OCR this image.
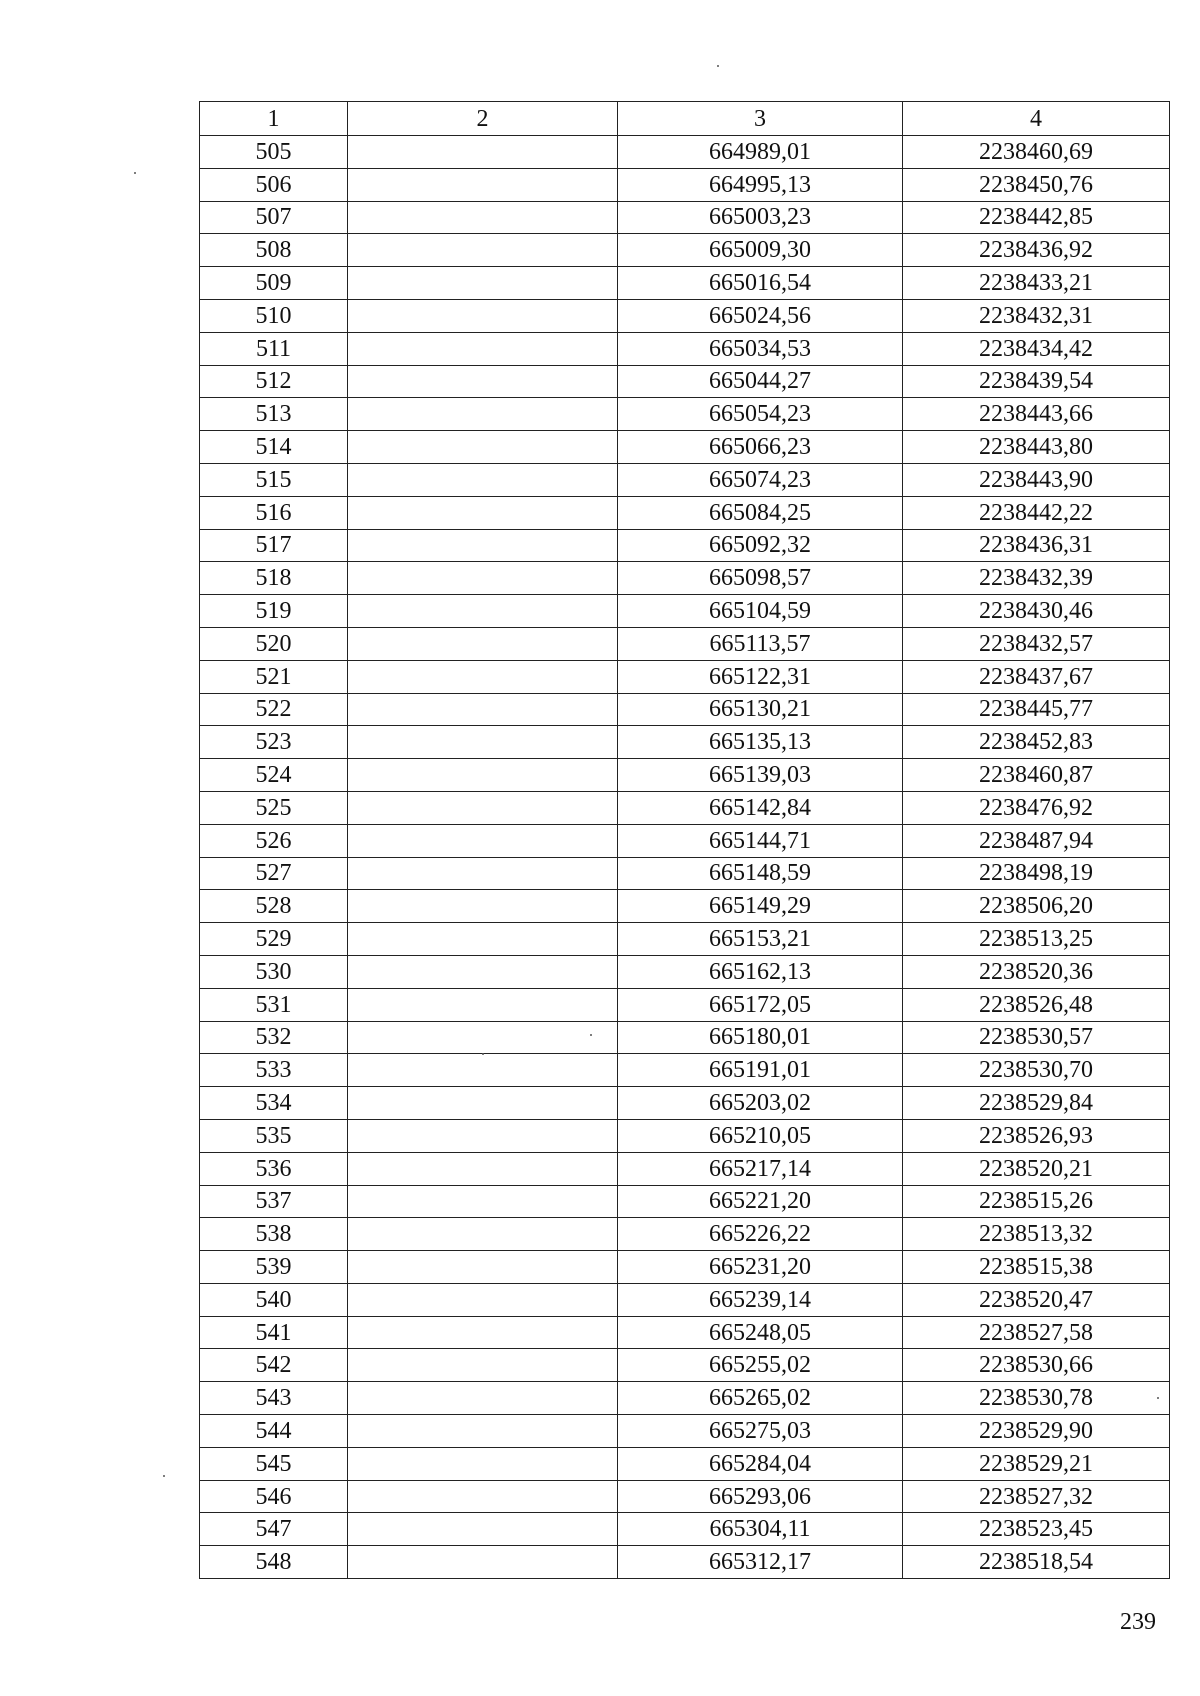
1	2	3	4
505		664989,01	2238460,69
506		664995,13	2238450,76
507		665003,23	2238442,85
508		665009,30	2238436,92
509		665016,54	2238433,21
510		665024,56	2238432,31
511		665034,53	2238434,42
512		665044,27	2238439,54
513		665054,23	2238443,66
514		665066,23	2238443,80
515		665074,23	2238443,90
516		665084,25	2238442,22
517		665092,32	2238436,31
518		665098,57	2238432,39
519		665104,59	2238430,46
520		665113,57	2238432,57
521		665122,31	2238437,67
522		665130,21	2238445,77
523		665135,13	2238452,83
524		665139,03	2238460,87
525		665142,84	2238476,92
526		665144,71	2238487,94
527		665148,59	2238498,19
528		665149,29	2238506,20
529		665153,21	2238513,25
530		665162,13	2238520,36
531		665172,05	2238526,48
532		665180,01	2238530,57
533		665191,01	2238530,70
534		665203,02	2238529,84
535		665210,05	2238526,93
536		665217,14	2238520,21
537		665221,20	2238515,26
538		665226,22	2238513,32
539		665231,20	2238515,38
540		665239,14	2238520,47
541		665248,05	2238527,58
542		665255,02	2238530,66
543		665265,02	2238530,78
544		665275,03	2238529,90
545		665284,04	2238529,21
546		665293,06	2238527,32
547		665304,11	2238523,45
548		665312,17	2238518,54
239
